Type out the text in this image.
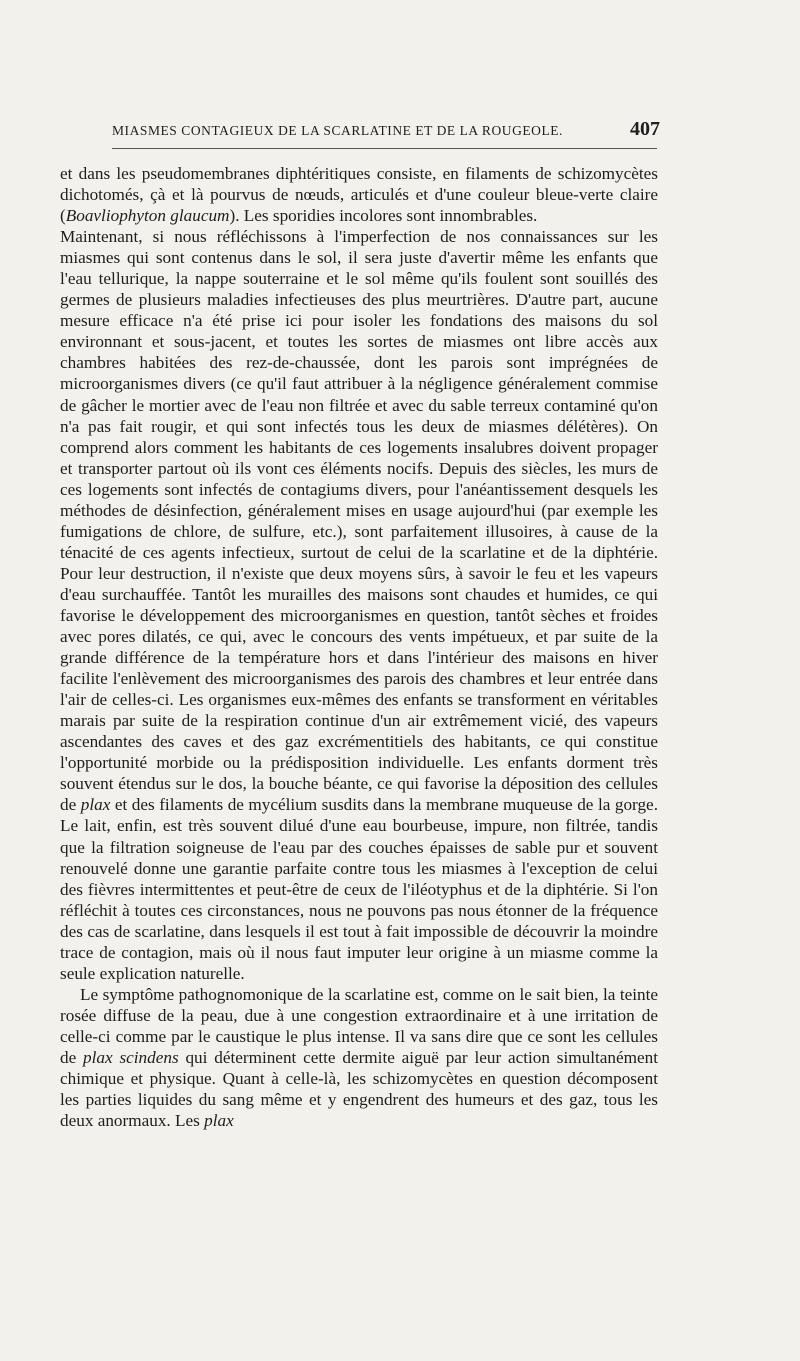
MIASMES CONTAGIEUX DE LA SCARLATINE ET DE LA ROUGEOLE.	407

et dans les pseudomembranes diphtéritiques consiste, en filaments de schizomycètes dichotomés, çà et là pourvus de nœuds, articulés et d'une couleur bleue-verte claire (Boavliophyton glaucum). Les sporidies incolores sont innombrables.

Maintenant, si nous réfléchissons à l'imperfection de nos connaissances sur les miasmes qui sont contenus dans le sol, il sera juste d'avertir même les enfants que l'eau tellurique, la nappe souterraine et le sol même qu'ils foulent sont souillés des germes de plusieurs maladies infectieuses des plus meurtrières. D'autre part, aucune mesure efficace n'a été prise ici pour isoler les fondations des maisons du sol environnant et sous-jacent, et toutes les sortes de miasmes ont libre accès aux chambres habitées des rez-de-chaussée, dont les parois sont imprégnées de microorganismes divers (ce qu'il faut attribuer à la négligence généralement commise de gâcher le mortier avec de l'eau non filtrée et avec du sable terreux contaminé qu'on n'a pas fait rougir, et qui sont infectés tous les deux de miasmes délétères). On comprend alors comment les habitants de ces logements insalubres doivent propager et transporter partout où ils vont ces éléments nocifs. Depuis des siècles, les murs de ces logements sont infectés de contagiums divers, pour l'anéantissement desquels les méthodes de désinfection, généralement mises en usage aujourd'hui (par exemple les fumigations de chlore, de sulfure, etc.), sont parfaitement illusoires, à cause de la ténacité de ces agents infectieux, surtout de celui de la scarlatine et de la diphtérie. Pour leur destruction, il n'existe que deux moyens sûrs, à savoir le feu et les vapeurs d'eau surchauffée. Tantôt les murailles des maisons sont chaudes et humides, ce qui favorise le développement des microorganismes en question, tantôt sèches et froides avec pores dilatés, ce qui, avec le concours des vents impétueux, et par suite de la grande différence de la température hors et dans l'intérieur des maisons en hiver facilite l'enlèvement des microorganismes des parois des chambres et leur entrée dans l'air de celles-ci. Les organismes eux-mêmes des enfants se transforment en véritables marais par suite de la respiration continue d'un air extrêmement vicié, des vapeurs ascendantes des caves et des gaz excrémentitiels des habitants, ce qui constitue l'opportunité morbide ou la prédisposition individuelle. Les enfants dorment très souvent étendus sur le dos, la bouche béante, ce qui favorise la déposition des cellules de plax et des filaments de mycélium susdits dans la membrane muqueuse de la gorge. Le lait, enfin, est très souvent dilué d'une eau bourbeuse, impure, non filtrée, tandis que la filtration soigneuse de l'eau par des couches épaisses de sable pur et souvent renouvelé donne une garantie parfaite contre tous les miasmes à l'exception de celui des fièvres intermittentes et peut-être de ceux de l'iléotyphus et de la diphtérie. Si l'on réfléchit à toutes ces circonstances, nous ne pouvons pas nous étonner de la fréquence des cas de scarlatine, dans lesquels il est tout à fait impossible de découvrir la moindre trace de contagion, mais où il nous faut imputer leur origine à un miasme comme la seule explication naturelle.

Le symptôme pathognomonique de la scarlatine est, comme on le sait bien, la teinte rosée diffuse de la peau, due à une congestion extraordinaire et à une irritation de celle-ci comme par le caustique le plus intense. Il va sans dire que ce sont les cellules de plax scindens qui déterminent cette dermite aiguë par leur action simultanément chimique et physique. Quant à celle-là, les schizomycètes en question décomposent les parties liquides du sang même et y engendrent des humeurs et des gaz, tous les deux anormaux. Les plax
